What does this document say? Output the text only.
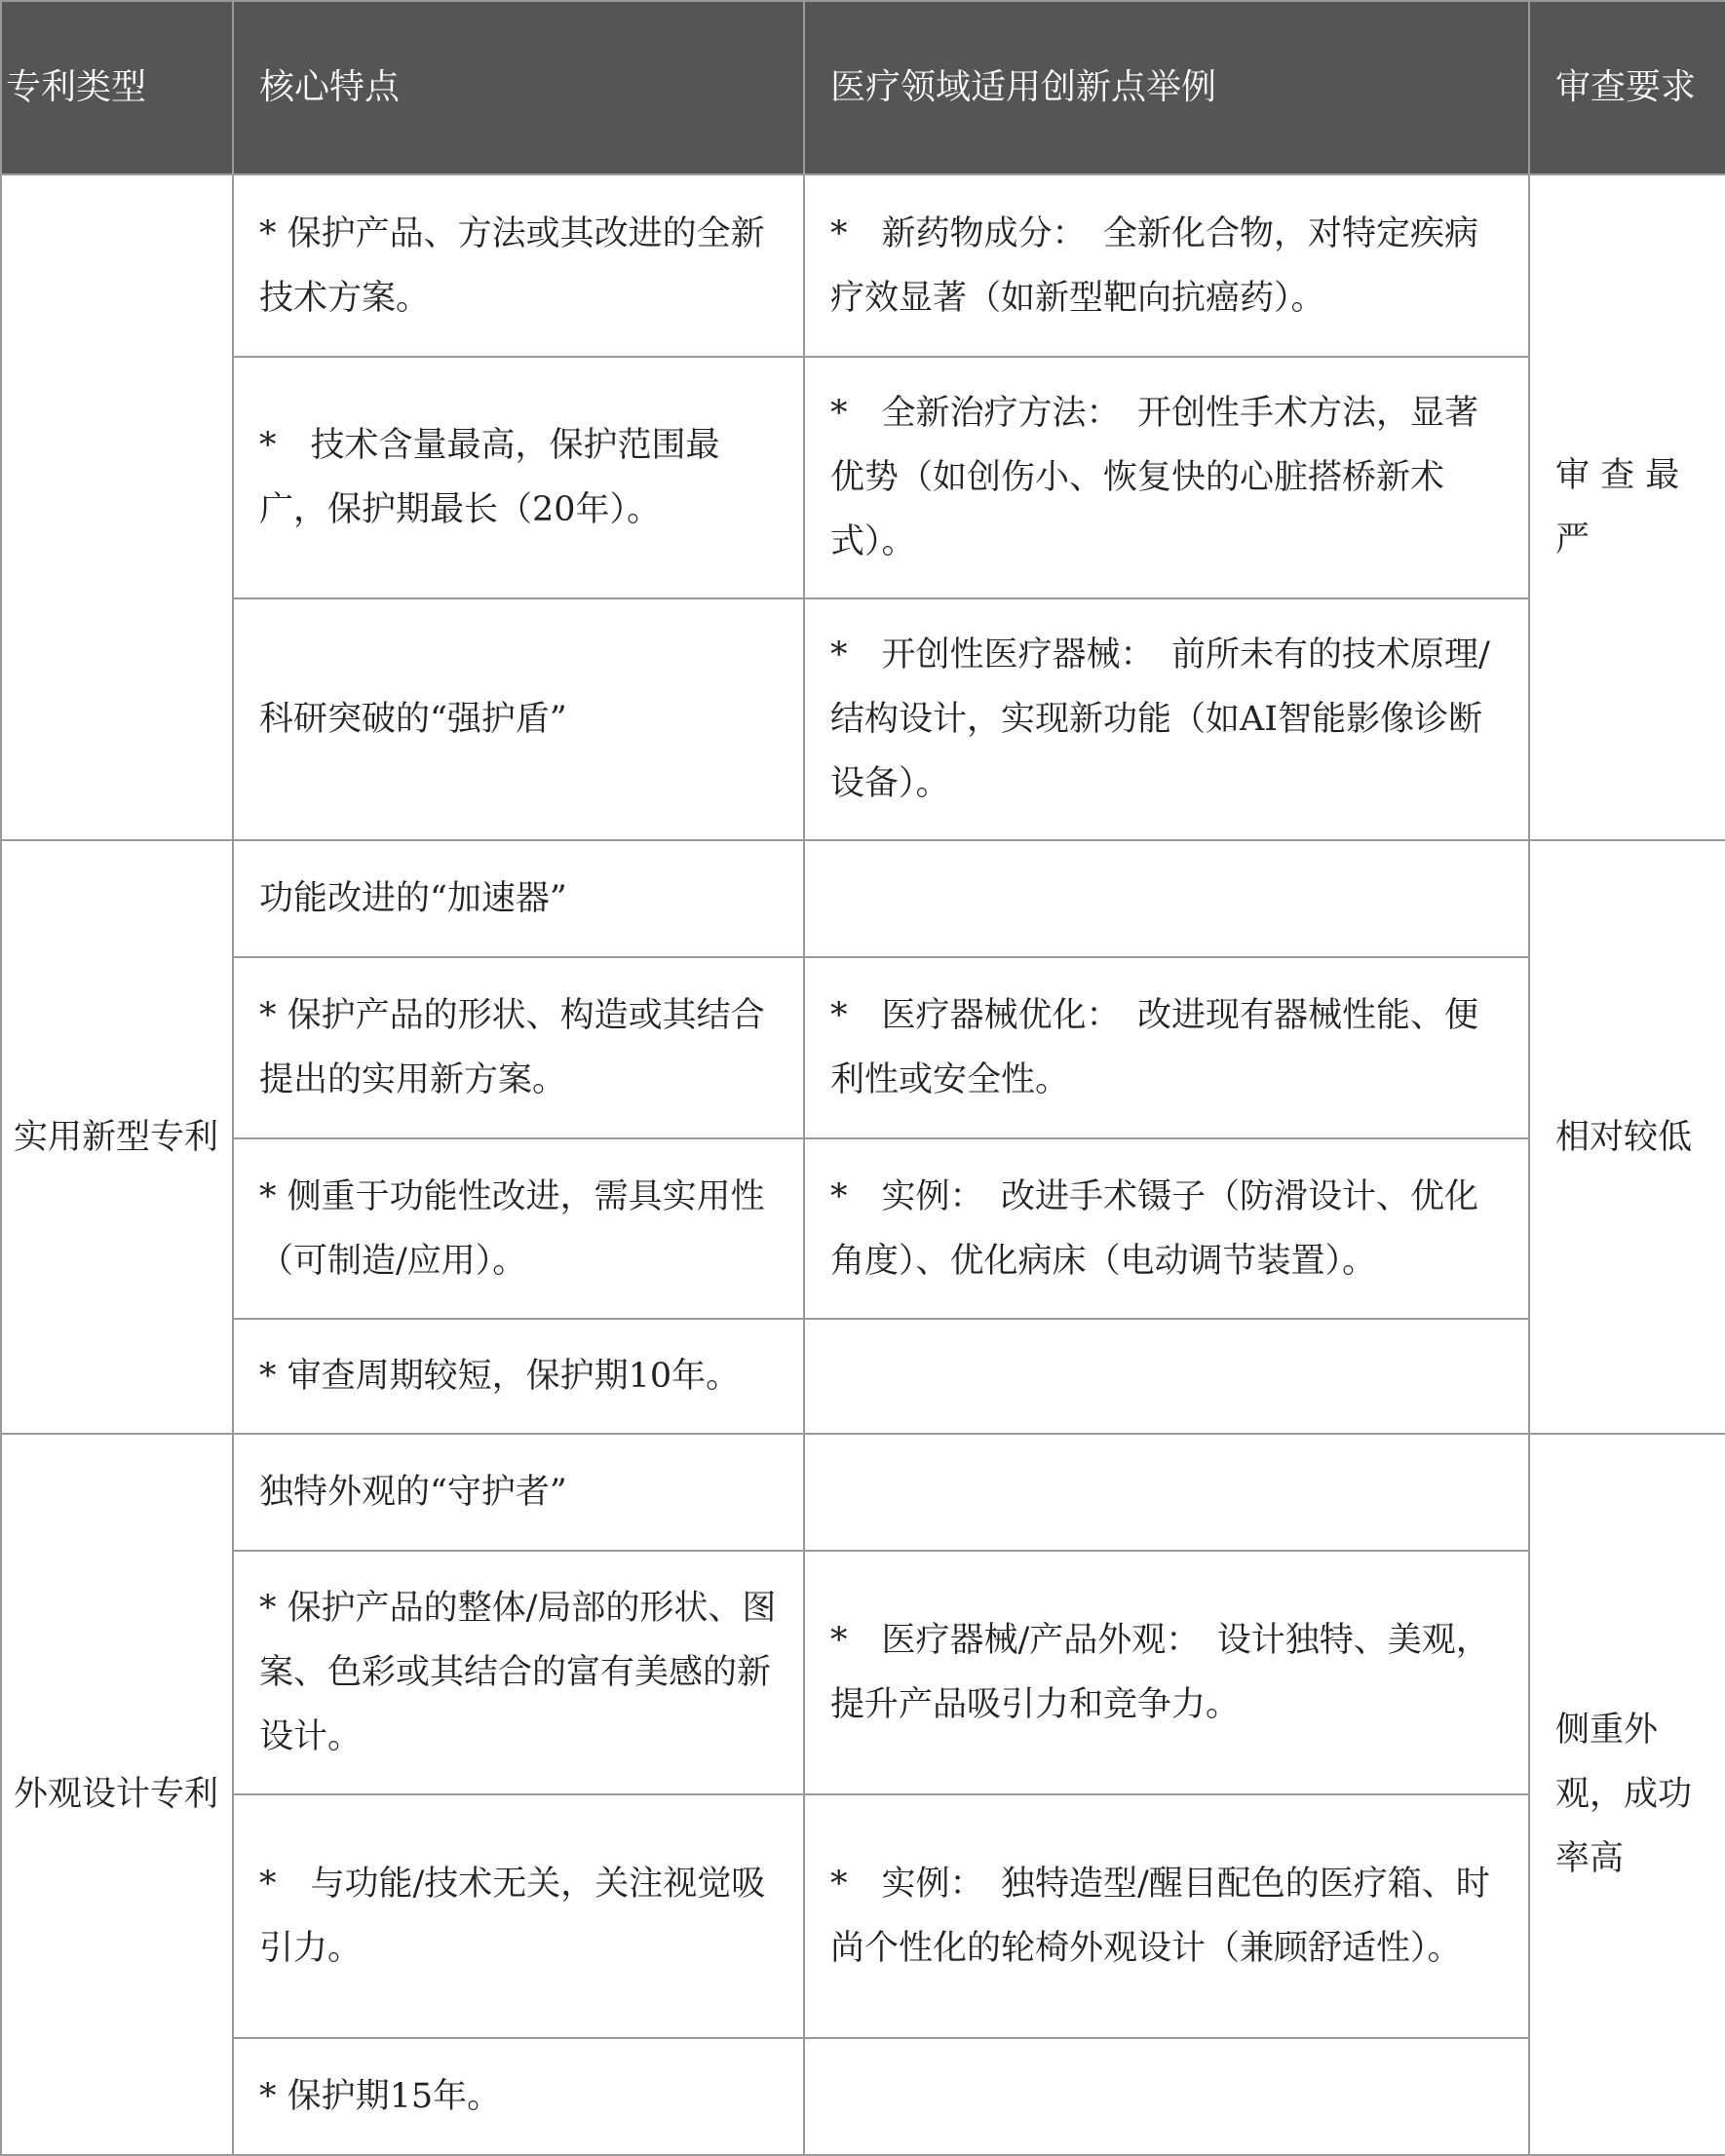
专利类型	核心特点	医疗领域适用创新点举例	审查要求
	* 保护产品、方法或其改进的全新技术方案。	*　新药物成分：　全新化合物，对特定疾病疗效显著（如新型靶向抗癌药）。	审 查 最 严
	*　技术含量最高，保护范围最广，保护期最长（20年）。	*　全新治疗方法：　开创性手术方法，显著优势（如创伤小、恢复快的心脏搭桥新术式）。	
	科研突破的“强护盾”	*　开创性医疗器械：　前所未有的技术原理/结构设计，实现新功能（如AI智能影像诊断设备）。	
实用新型专利	功能改进的“加速器”		相对较低
	* 保护产品的形状、构造或其结合提出的实用新方案。	*　医疗器械优化：　改进现有器械性能、便利性或安全性。	
	* 侧重于功能性改进，需具实用性（可制造/应用）。	*　实例：　改进手术镊子（防滑设计、优化角度）、优化病床（电动调节装置）。	
	* 审查周期较短，保护期10年。		
外观设计专利	独特外观的“守护者”		侧重外观，成功率高
	* 保护产品的整体/局部的形状、图案、色彩或其结合的富有美感的新设计。	*　医疗器械/产品外观：　设计独特、美观，提升产品吸引力和竞争力。	
	*　与功能/技术无关，关注视觉吸引力。	*　实例：　独特造型/醒目配色的医疗箱、时尚个性化的轮椅外观设计（兼顾舒适性）。	
	* 保护期15年。		
